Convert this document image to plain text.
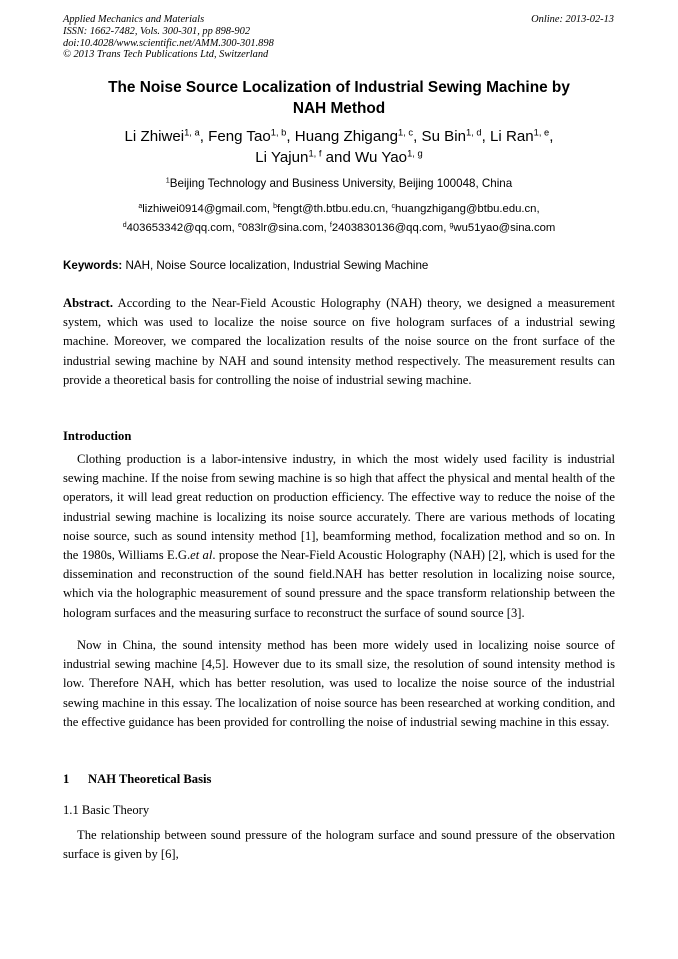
Applied Mechanics and Materials
ISSN: 1662-7482, Vols. 300-301, pp 898-902
doi:10.4028/www.scientific.net/AMM.300-301.898
© 2013 Trans Tech Publications Ltd, Switzerland
Online: 2013-02-13
The Noise Source Localization of Industrial Sewing Machine by
NAH Method
Li Zhiwei$^{1, a}$, Feng Tao$^{1, b}$, Huang Zhigang$^{1, c}$, Su Bin$^{1, d}$, Li Ran$^{1, e}$,
Li Yajun$^{1, f}$ and Wu Yao$^{1, g}$
$^1$Beijing Technology and Business University, Beijing 100048, China
$^a$lizhiwei0914@gmail.com, $^b$fengt@th.btbu.edu.cn, $^c$huangzhigang@btbu.edu.cn,
$^d$403653342@qq.com, $^e$083lr@sina.com, $^f$2403830136@qq.com, $^g$wu51yao@sina.com
Keywords: NAH, Noise Source localization, Industrial Sewing Machine
Abstract. According to the Near-Field Acoustic Holography (NAH) theory, we designed a measurement system, which was used to localize the noise source on five hologram surfaces of a industrial sewing machine. Moreover, we compared the localization results of the noise source on the front surface of the industrial sewing machine by NAH and sound intensity method respectively. The measurement results can provide a theoretical basis for controlling the noise of industrial sewing machine.
Introduction
Clothing production is a labor-intensive industry, in which the most widely used facility is industrial sewing machine. If the noise from sewing machine is so high that affect the physical and mental health of the operators, it will lead great reduction on production efficiency. The effective way to reduce the noise of the industrial sewing machine is localizing its noise source accurately. There are various methods of locating noise source, such as sound intensity method [1], beamforming method, focalization method and so on. In the 1980s, Williams E.G.et al. propose the Near-Field Acoustic Holography (NAH) [2], which is used for the dissemination and reconstruction of the sound field.NAH has better resolution in localizing noise source, which via the holographic measurement of sound pressure and the space transform relationship between the hologram surfaces and the measuring surface to reconstruct the surface of sound source [3].
Now in China, the sound intensity method has been more widely used in localizing noise source of industrial sewing machine [4,5]. However due to its small size, the resolution of sound intensity method is low. Therefore NAH, which has better resolution, was used to localize the noise source of the industrial sewing machine in this essay. The localization of noise source has been researched at working condition, and the effective guidance has been provided for controlling the noise of industrial sewing machine in this essay.
1 NAH Theoretical Basis
1.1 Basic Theory
The relationship between sound pressure of the hologram surface and sound pressure of the observation surface is given by [6],
